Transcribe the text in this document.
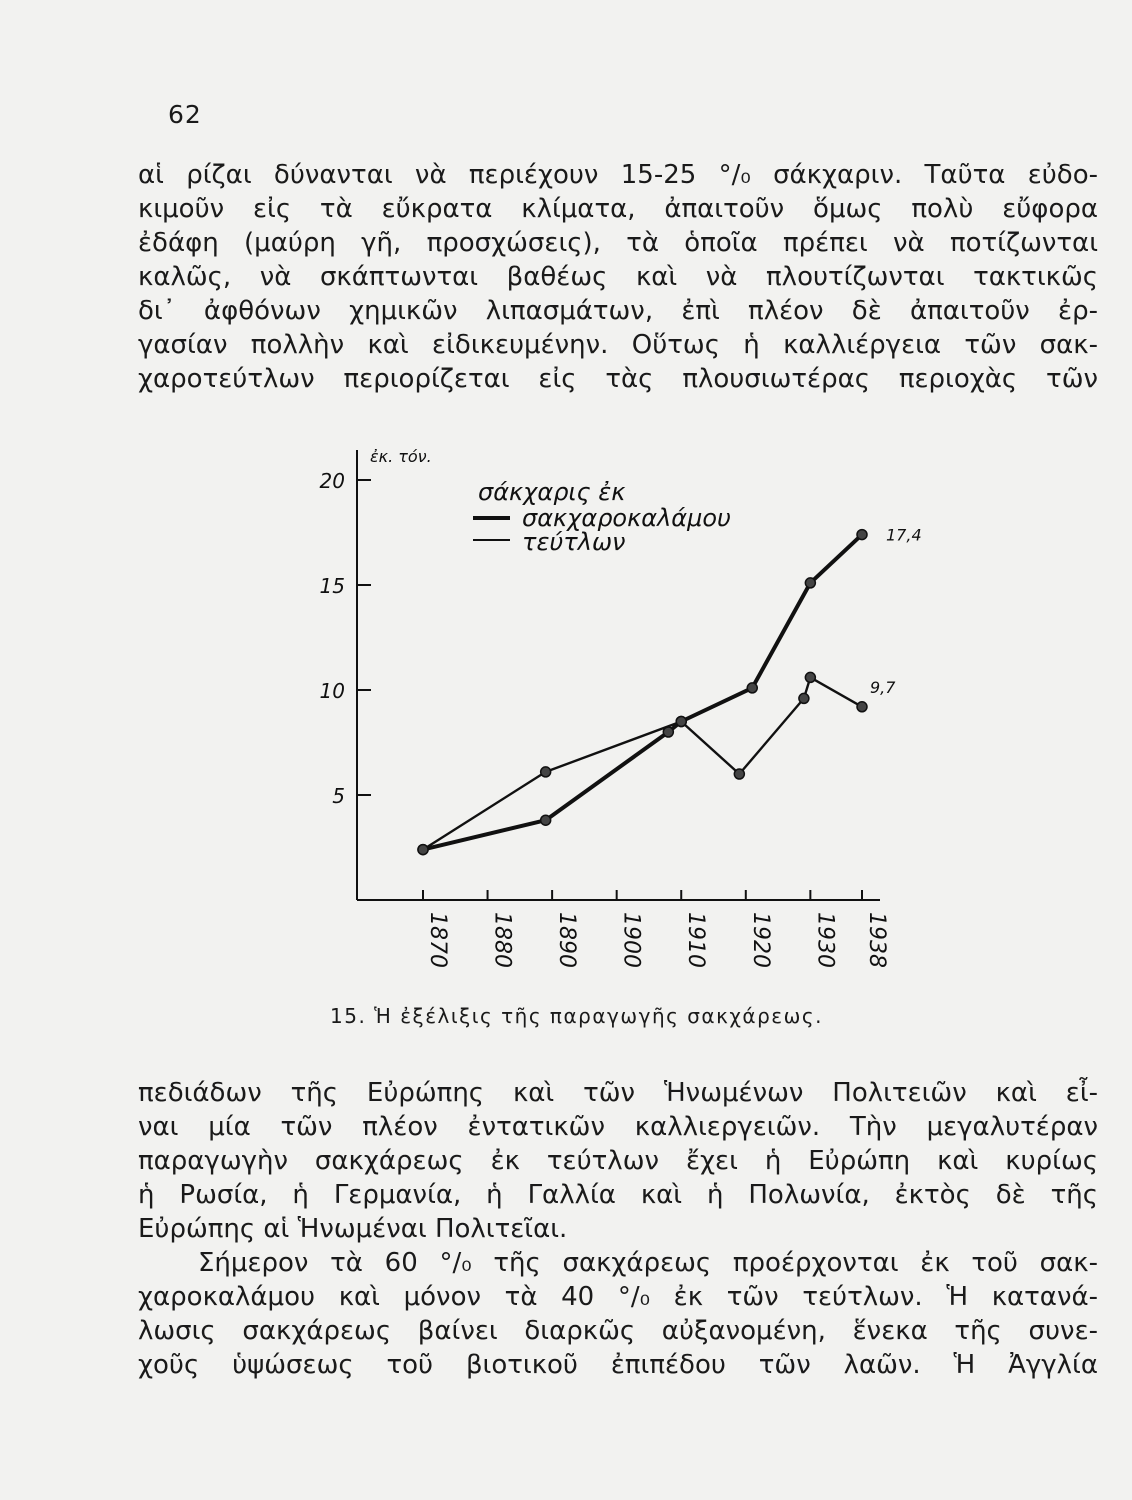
62
αἱ ρίζαι δύνανται νὰ περιέχουν 15-25 °/₀ σάκχαριν. Ταῦτα εὐδο-
κιμοῦν εἰς τὰ εὔκρατα κλίματα, ἀπαιτοῦν ὅμως πολὺ εὔφορα
ἐδάφη (μαύρη γῆ, προσχώσεις), τὰ ὁποῖα πρέπει νὰ ποτίζωνται
καλῶς, νὰ σκάπτωνται βαθέως καὶ νὰ πλουτίζωνται τακτικῶς
δι᾿ ἀφθόνων χημικῶν λιπασμάτων, ἐπὶ πλέον δὲ ἀπαιτοῦν ἐρ-
γασίαν πολλὴν καὶ εἰδικευμένην. Οὕτως ἡ καλλιέργεια τῶν σακ-
χαροτεύτλων περιορίζεται εἰς τὰς πλουσιωτέρας περιοχὰς τῶν
5
10
15
20
ἐκ. τόν.
1870 1880 1890 1900 1910 1920 1930 1938
σάκχαρις ἐκ
σακχαροκαλάμου
τεύτλων	17,4
9,7
15. Ἡ ἐξέλιξις τῆς παραγωγῆς σακχάρεως.
πεδιάδων τῆς Εὐρώπης καὶ τῶν Ἡνωμένων Πολιτειῶν καὶ εἶ-
ναι μία τῶν πλέον ἐντατικῶν καλλιεργειῶν. Τὴν μεγαλυτέραν
παραγωγὴν σακχάρεως ἐκ τεύτλων ἔχει ἡ Εὐρώπη καὶ κυρίως
ἡ Ρωσία, ἡ Γερμανία, ἡ Γαλλία καὶ ἡ Πολωνία, ἐκτὸς δὲ τῆς
Εὐρώπης αἱ Ἡνωμέναι Πολιτεῖαι.
Σήμερον τὰ 60 °/₀ τῆς σακχάρεως προέρχονται ἐκ τοῦ σακ-
χαροκαλάμου καὶ μόνον τὰ 40 °/₀ ἐκ τῶν τεύτλων. Ἡ κατανά-
λωσις σακχάρεως βαίνει διαρκῶς αὐξανομένη, ἕνεκα τῆς συνε-
χοῦς ὑψώσεως τοῦ βιοτικοῦ ἐπιπέδου τῶν λαῶν. Ἡ Ἀγγλία
